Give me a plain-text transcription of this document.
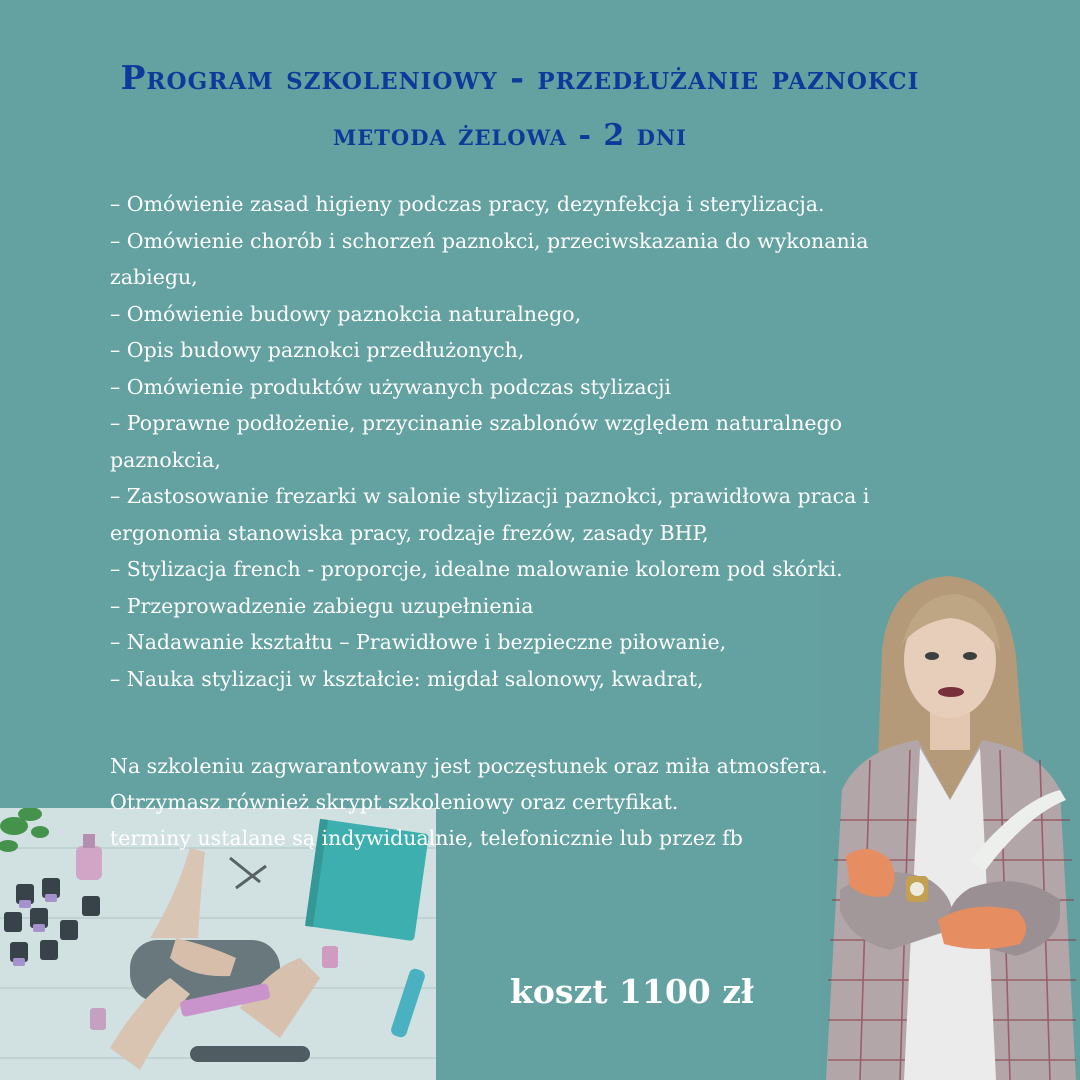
Program szkoleniowy - przedłużanie paznokci
metoda żelowa - 2 dni
– Omówienie zasad higieny podczas pracy, dezynfekcja i sterylizacja.
– Omówienie chorób i schorzeń paznokci, przeciwskazania do wykonania zabiegu,
– Omówienie budowy paznokcia naturalnego,
– Opis budowy paznokci przedłużonych,
– Omówienie produktów używanych podczas stylizacji
– Poprawne podłożenie, przycinanie szablonów względem naturalnego paznokcia,
– Zastosowanie frezarki w salonie stylizacji paznokci, prawidłowa praca i ergonomia stanowiska pracy, rodzaje frezów, zasady BHP,
– Stylizacja french - proporcje, idealne malowanie kolorem pod skórki.
– Przeprowadzenie zabiegu uzupełnienia
– Nadawanie kształtu – Prawidłowe i bezpieczne piłowanie,
– Nauka stylizacji w kształcie: migdał salonowy, kwadrat,

Na szkoleniu zagwarantowany jest poczęstunek oraz miła atmosfera.

Otrzymasz również skrypt szkoleniowy oraz certyfikat.

terminy ustalane są indywidualnie, telefonicznie lub przez fb

koszt 1100 zł
